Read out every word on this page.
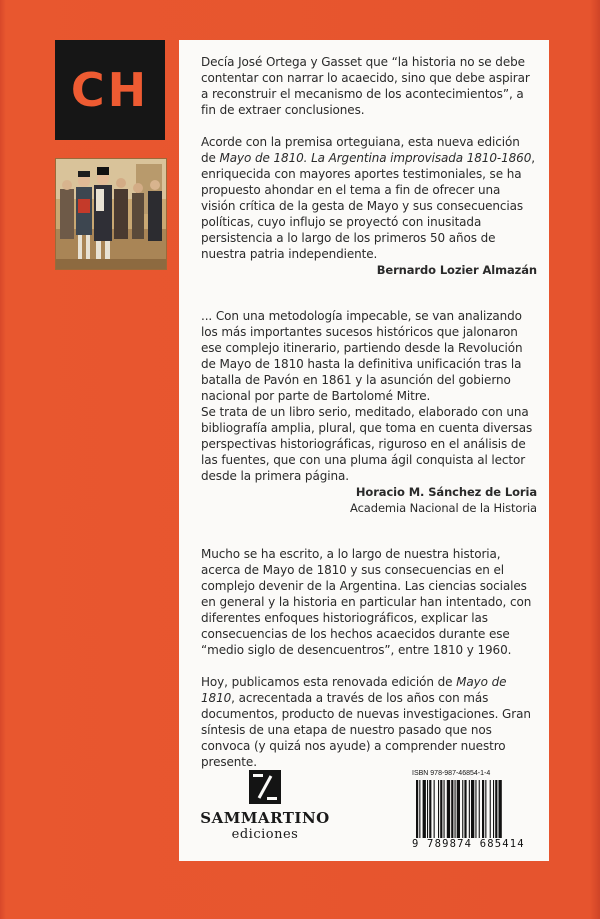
CH

Decía José Ortega y Gasset que “la historia no se debe contentar con narrar lo acaecido, sino que debe aspirar a reconstruir el mecanismo de los acontecimientos”, a fin de extraer conclusiones.

Acorde con la premisa orteguiana, esta nueva edición de Mayo de 1810. La Argentina improvisada 1810-1860, enriquecida con mayores aportes testimoniales, se ha propuesto ahondar en el tema a fin de ofrecer una visión crítica de la gesta de Mayo y sus consecuencias políticas, cuyo influjo se proyectó con inusitada persistencia a lo largo de los primeros 50 años de nuestra patria independiente.

Bernardo Lozier Almazán

... Con una metodología impecable, se van analizando los más importantes sucesos históricos que jalonaron ese complejo itinerario, partiendo desde la Revolución de Mayo de 1810 hasta la definitiva unificación tras la batalla de Pavón en 1861 y la asunción del gobierno nacional por parte de Bartolomé Mitre.

Se trata de un libro serio, meditado, elaborado con una bibliografía amplia, plural, que toma en cuenta diversas perspectivas historiográficas, riguroso en el análisis de las fuentes, que con una pluma ágil conquista al lector desde la primera página.

Horacio M. Sánchez de Loria

Academia Nacional de la Historia

Mucho se ha escrito, a lo largo de nuestra historia, acerca de Mayo de 1810 y sus consecuencias en el complejo devenir de la Argentina. Las ciencias sociales en general y la historia en particular han intentado, con diferentes enfoques historiográficos, explicar las consecuencias de los hechos acaecidos durante ese “medio siglo de desencuentros”, entre 1810 y 1960.

Hoy, publicamos esta renovada edición de Mayo de 1810, acrecentada a través de los años con más documentos, producto de nuevas investigaciones. Gran síntesis de una etapa de nuestro pasado que nos convoca (y quizá nos ayude) a comprender nuestro presente.

SAMMARTINO
ediciones
ISBN 978-987-46854-1-4
9 789874 685414
